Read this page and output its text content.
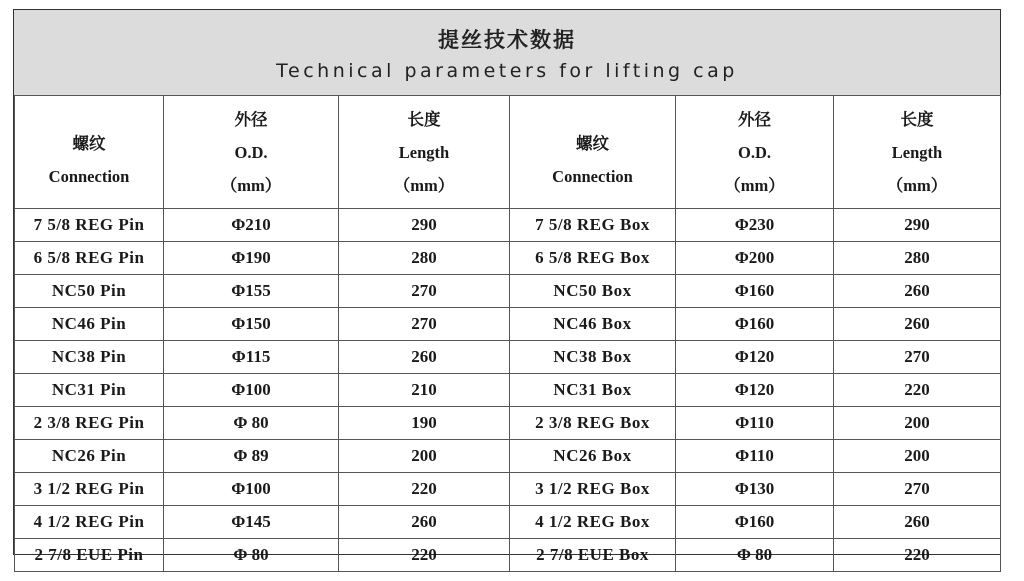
提丝技术数据
Technical parameters for lifting cap
螺纹
Connection	外径
O.D.
（mm）	长度
Length
（mm）	螺纹
Connection	外径
O.D.
（mm）	长度
Length
（mm）

7 5/8 REG Pin	Φ210	290	7 5/8 REG Box	Φ230	290
6 5/8 REG Pin	Φ190	280	6 5/8 REG Box	Φ200	280
NC50 Pin	Φ155	270	NC50 Box	Φ160	260
NC46 Pin	Φ150	270	NC46 Box	Φ160	260
NC38 Pin	Φ115	260	NC38 Box	Φ120	270
NC31 Pin	Φ100	210	NC31 Box	Φ120	220
2 3/8 REG Pin	Φ 80	190	2 3/8 REG Box	Φ110	200
NC26 Pin	Φ 89	200	NC26 Box	Φ110	200
3 1/2 REG Pin	Φ100	220	3 1/2 REG Box	Φ130	270
4 1/2 REG Pin	Φ145	260	4 1/2 REG Box	Φ160	260
2 7/8 EUE Pin	Φ 80	220	2 7/8 EUE Box	Φ 80	220
